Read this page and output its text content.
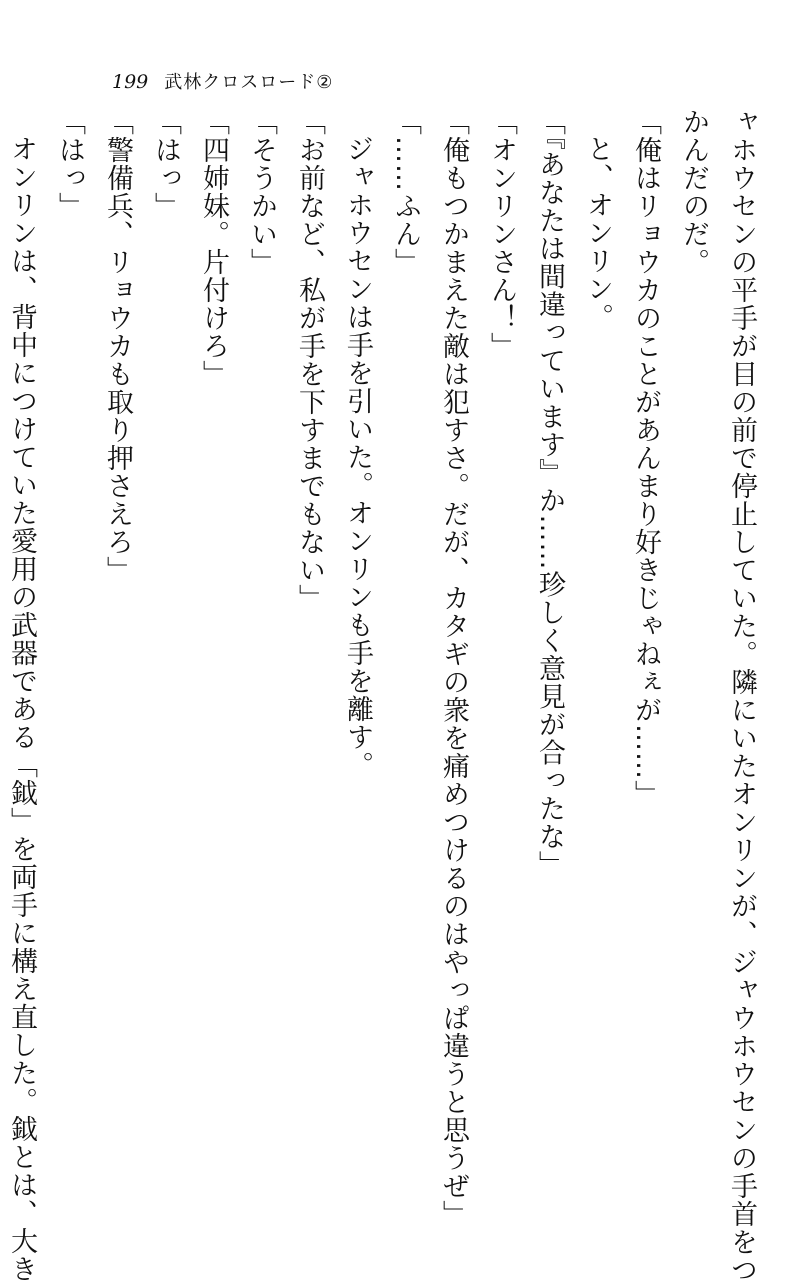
199 武林クロスロード②
ャホウセンの平手が目の前で停止していた。隣にいたオンリンが、ジャウホウセンの手首をつ
かんだのだ。
「俺はリョウカのことがあんまり好きじゃねぇが……」
と、オンリン。
「『あなたは間違っています』か……珍しく意見が合ったな」
「オンリンさん！」
「俺もつかまえた敵は犯すさ。だが、カタギの衆を痛めつけるのはやっぱ違うと思うぜ」
「……ふん」
ジャホウセンは手を引いた。オンリンも手を離す。
「お前など、私が手を下すまでもない」
「そうかい」
「四姉妹。片付けろ」
「はっ」
「警備兵、リョウカも取り押さえろ」
「はっ」
オンリンは、背中につけていた愛用の武器である「鉞」を両手に構え直した。鉞とは、大き
